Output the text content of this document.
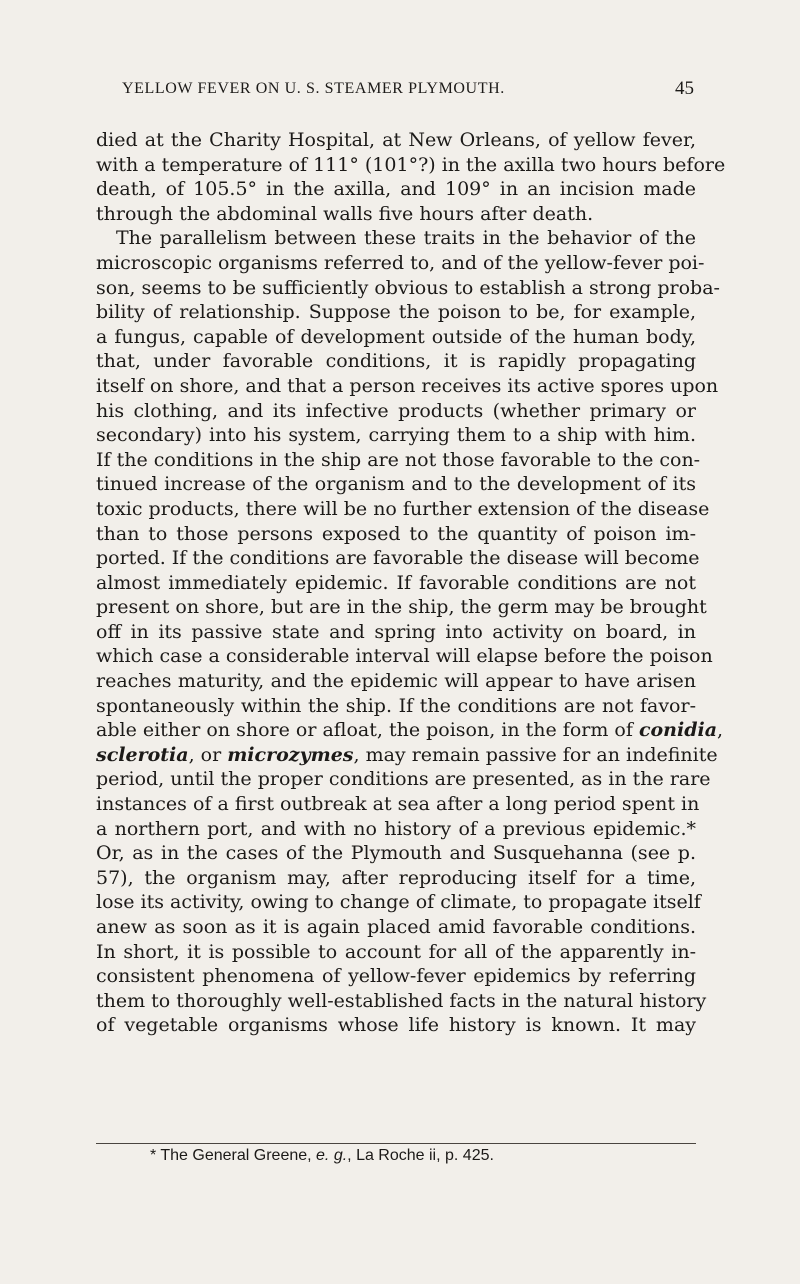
YELLOW FEVER ON U. S. STEAMER PLYMOUTH.	45
died at the Charity Hospital, at New Orleans, of yellow fever,
with a temperature of 111° (101°?) in the axilla two hours before
death, of 105.5° in the axilla, and 109° in an incision made
through the abdominal walls five hours after death.
The parallelism between these traits in the behavior of the
microscopic organisms referred to, and of the yellow-fever poi-
son, seems to be sufficiently obvious to establish a strong proba-
bility of relationship. Suppose the poison to be, for example,
a fungus, capable of development outside of the human body,
that, under favorable conditions, it is rapidly propagating
itself on shore, and that a person receives its active spores upon
his clothing, and its infective products (whether primary or
secondary) into his system, carrying them to a ship with him.
If the conditions in the ship are not those favorable to the con-
tinued increase of the organism and to the development of its
toxic products, there will be no further extension of the disease
than to those persons exposed to the quantity of poison im-
ported. If the conditions are favorable the disease will become
almost immediately epidemic. If favorable conditions are not
present on shore, but are in the ship, the germ may be brought
off in its passive state and spring into activity on board, in
which case a considerable interval will elapse before the poison
reaches maturity, and the epidemic will appear to have arisen
spontaneously within the ship. If the conditions are not favor-
able either on shore or afloat, the poison, in the form of conidia,
sclerotia, or microzymes, may remain passive for an indefinite
period, until the proper conditions are presented, as in the rare
instances of a first outbreak at sea after a long period spent in
a northern port, and with no history of a previous epidemic.*
Or, as in the cases of the Plymouth and Susquehanna (see p.
57), the organism may, after reproducing itself for a time,
lose its activity, owing to change of climate, to propagate itself
anew as soon as it is again placed amid favorable conditions.
In short, it is possible to account for all of the apparently in-
consistent phenomena of yellow-fever epidemics by referring
them to thoroughly well-established facts in the natural history
of vegetable organisms whose life history is known. It may
* The General Greene, e. g., La Roche ii, p. 425.
